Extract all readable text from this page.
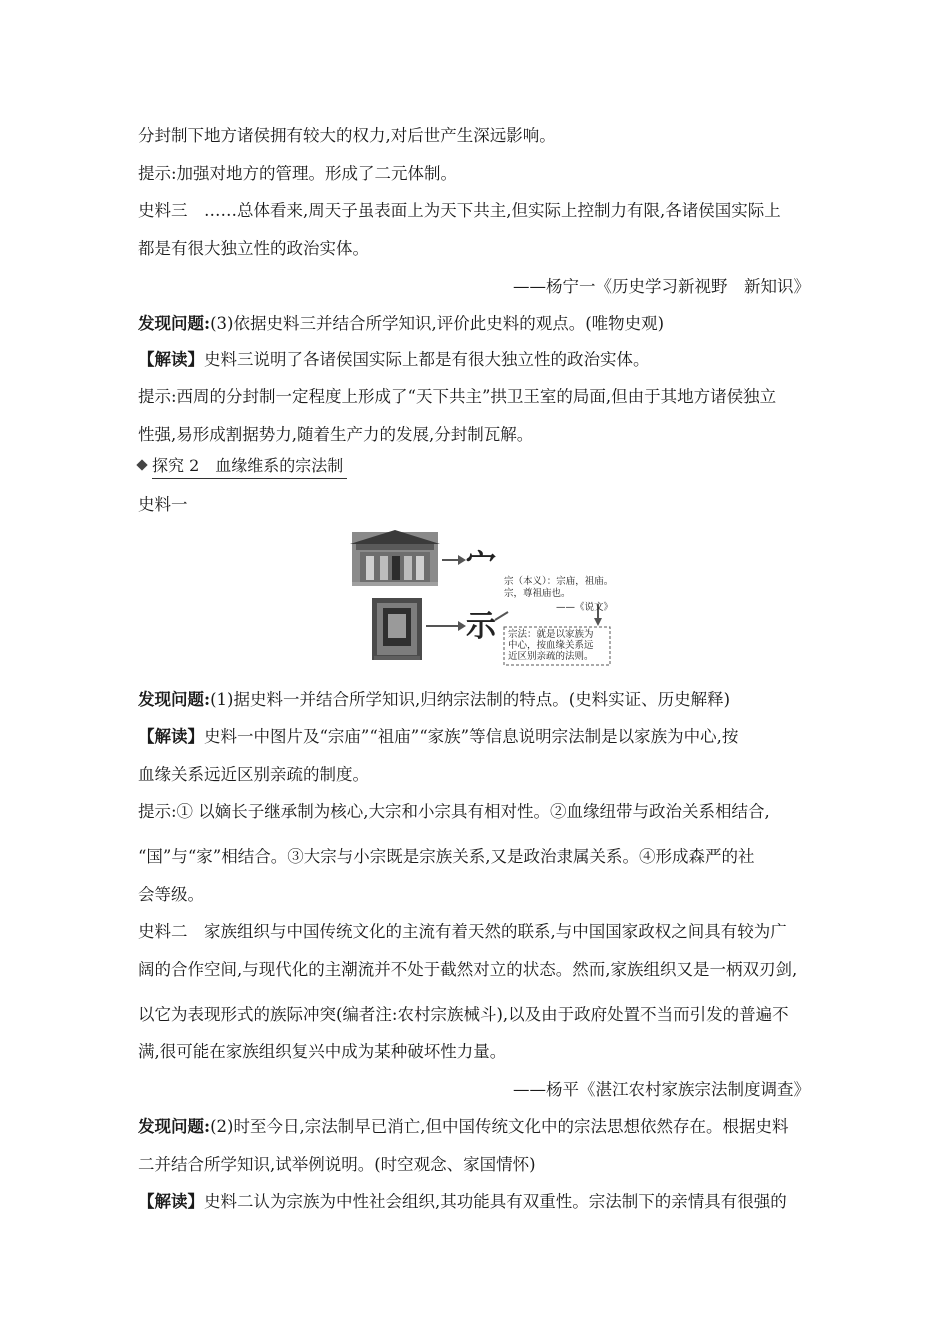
分封制下地方诸侯拥有较大的权力,对后世产生深远影响。
提示:加强对地方的管理。形成了二元体制。
史料三　……总体看来,周天子虽表面上为天下共主,但实际上控制力有限,各诸侯国实际上
都是有很大独立性的政治实体。
——杨宁一《历史学习新视野　新知识》
发现问题:(3)依据史料三并结合所学知识,评价此史料的观点。(唯物史观)
【解读】史料三说明了各诸侯国实际上都是有很大独立性的政治实体。
提示:西周的分封制一定程度上形成了“天下共主”拱卫王室的局面,但由于其地方诸侯独立
性强,易形成割据势力,随着生产力的发展,分封制瓦解。
探究 2　血缘维系的宗法制
史料一
宀
示
宗（本义）：宗庙，祖庙。
宗，尊祖庙也。
——《说文》
宗法：就是以家族为
中心，按血缘关系远
近区别亲疏的法则。
发现问题:(1)据史料一并结合所学知识,归纳宗法制的特点。(史料实证、历史解释)
【解读】史料一中图片及“宗庙”“祖庙”“家族”等信息说明宗法制是以家族为中心,按
血缘关系远近区别亲疏的制度。
提示:① 以嫡长子继承制为核心,大宗和小宗具有相对性。②血缘纽带与政治关系相结合,
“国”与“家”相结合。③大宗与小宗既是宗族关系,又是政治隶属关系。④形成森严的社
会等级。
史料二　家族组织与中国传统文化的主流有着天然的联系,与中国国家政权之间具有较为广
阔的合作空间,与现代化的主潮流并不处于截然对立的状态。然而,家族组织又是一柄双刃剑,
以它为表现形式的族际冲突(编者注:农村宗族械斗),以及由于政府处置不当而引发的普遍不
满,很可能在家族组织复兴中成为某种破坏性力量。
——杨平《湛江农村家族宗法制度调查》
发现问题:(2)时至今日,宗法制早已消亡,但中国传统文化中的宗法思想依然存在。根据史料
二并结合所学知识,试举例说明。(时空观念、家国情怀)
【解读】史料二认为宗族为中性社会组织,其功能具有双重性。宗法制下的亲情具有很强的
